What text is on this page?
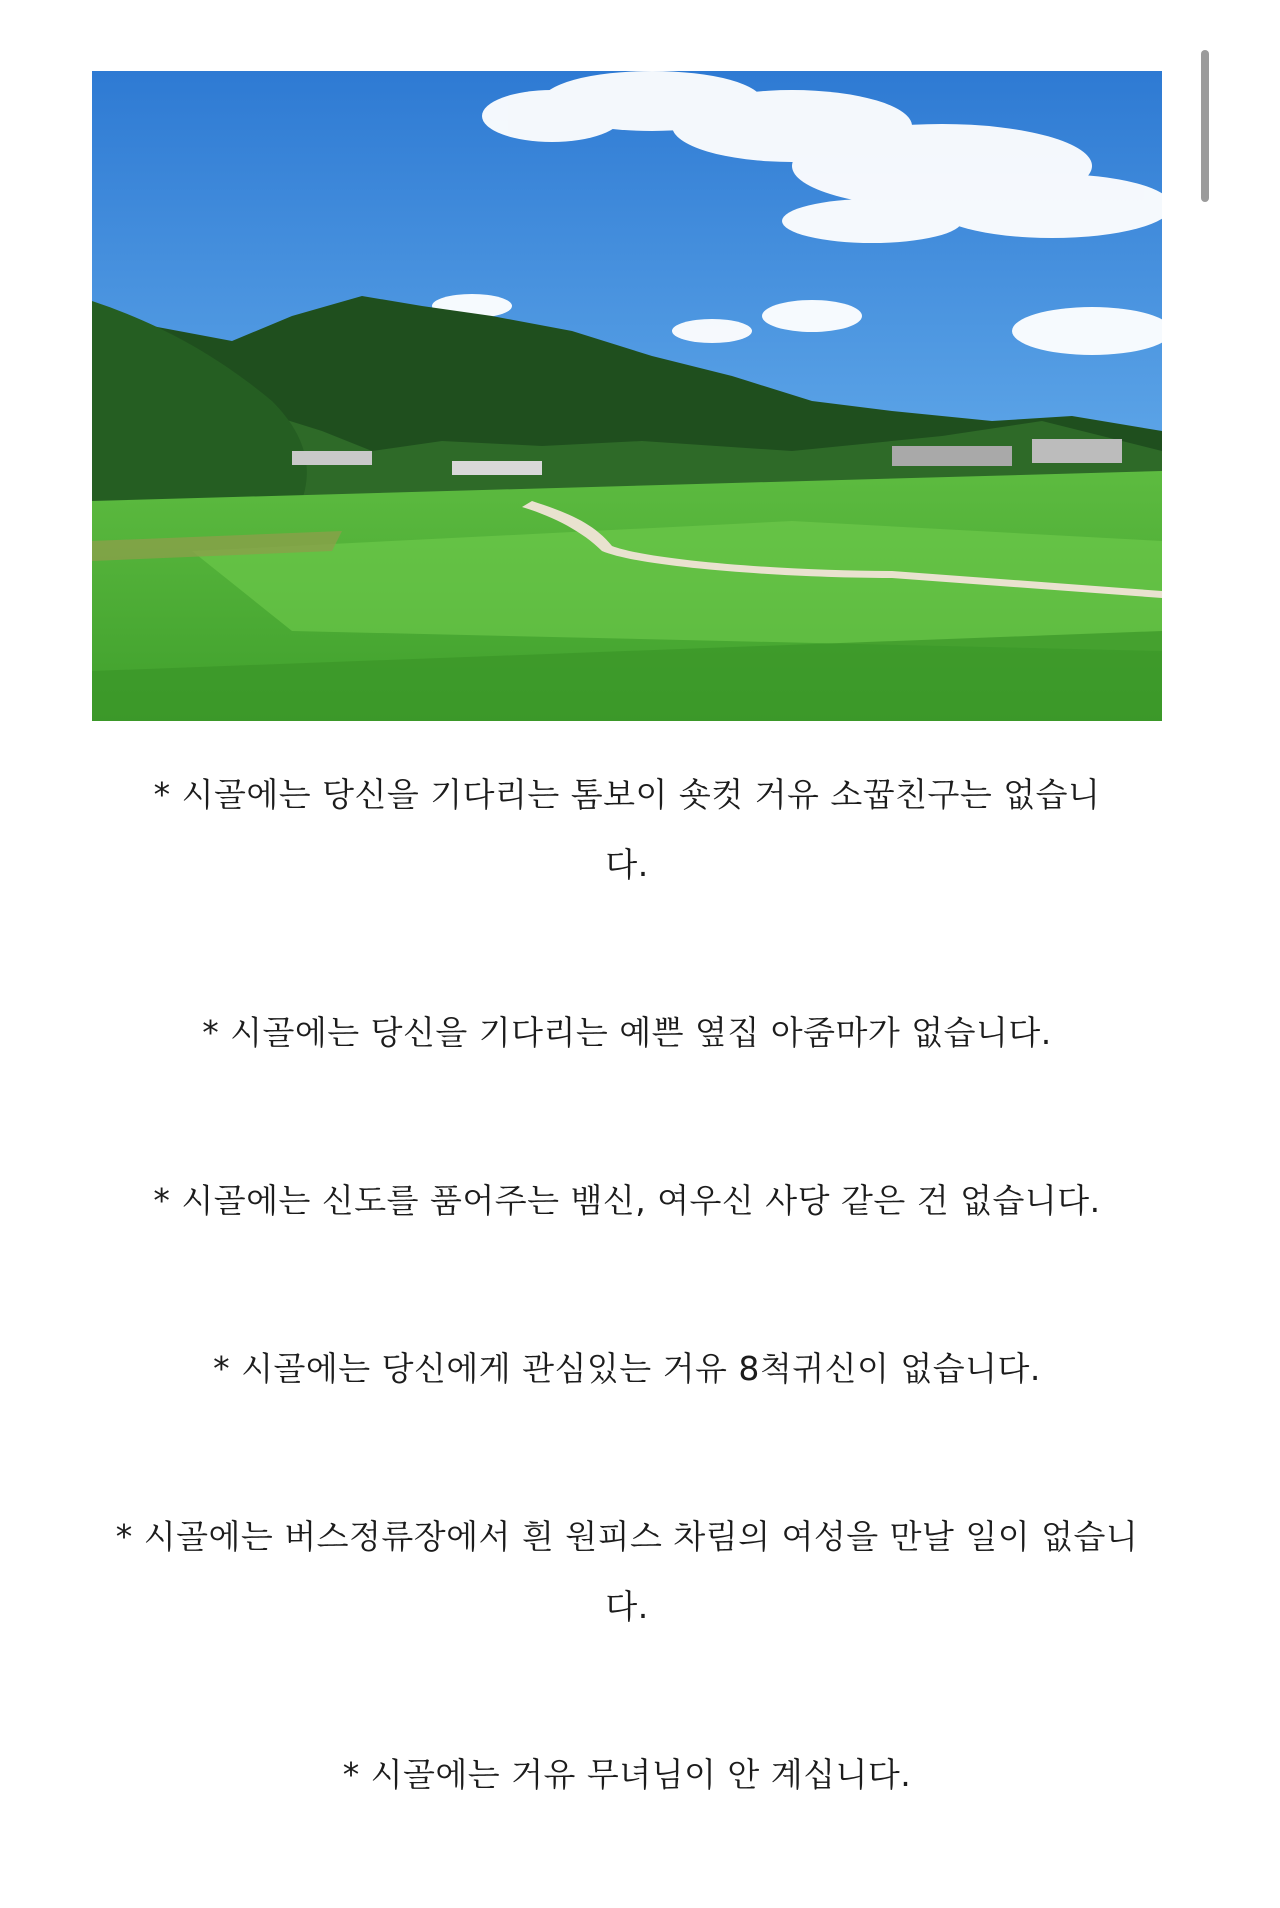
* 시골에는 당신을 기다리는 톰보이 숏컷 거유 소꿉친구는 없습니다.

* 시골에는 당신을 기다리는 예쁜 옆집 아줌마가 없습니다.

* 시골에는 신도를 품어주는 뱀신, 여우신 사당 같은 건 없습니다.

* 시골에는 당신에게 관심있는 거유 8척귀신이 없습니다.

* 시골에는 버스정류장에서 흰 원피스 차림의 여성을 만날 일이 없습니다.

* 시골에는 거유 무녀님이 안 계십니다.
